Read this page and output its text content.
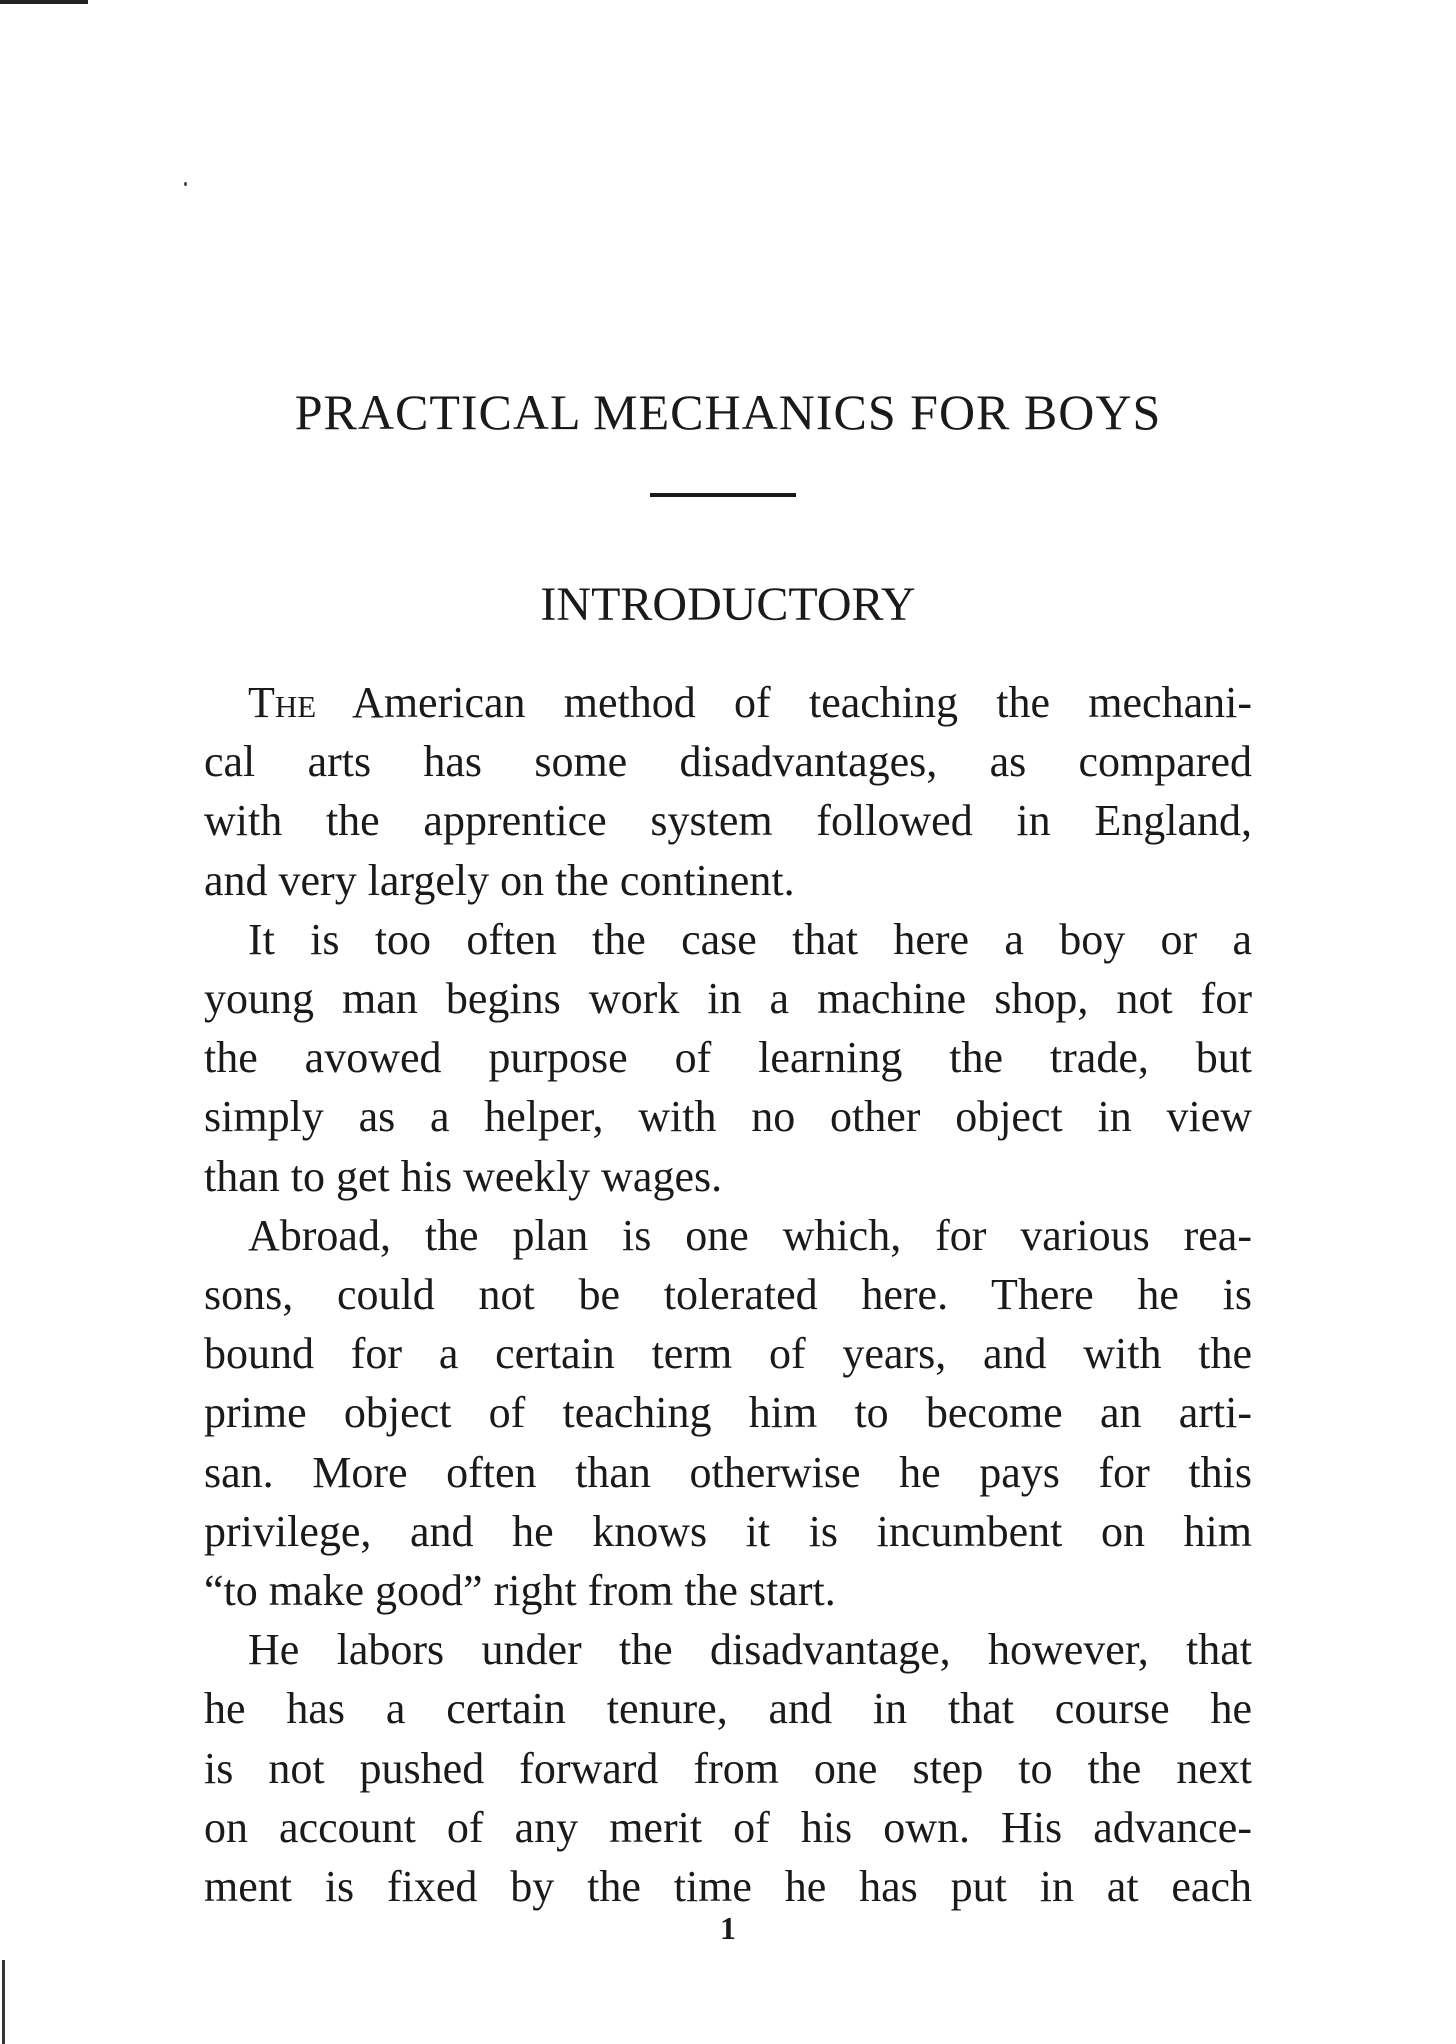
PRACTICAL MECHANICS FOR BOYS
INTRODUCTORY
The American method of teaching the mechani-
cal arts has some disadvantages, as compared
with the apprentice system followed in England,
and very largely on the continent.
It is too often the case that here a boy or a
young man begins work in a machine shop, not for
the avowed purpose of learning the trade, but
simply as a helper, with no other object in view
than to get his weekly wages.
Abroad, the plan is one which, for various rea-
sons, could not be tolerated here. There he is
bound for a certain term of years, and with the
prime object of teaching him to become an arti-
san. More often than otherwise he pays for this
privilege, and he knows it is incumbent on him
“to make good” right from the start.
He labors under the disadvantage, however, that
he has a certain tenure, and in that course he
is not pushed forward from one step to the next
on account of any merit of his own. His advance-
ment is fixed by the time he has put in at each
1
